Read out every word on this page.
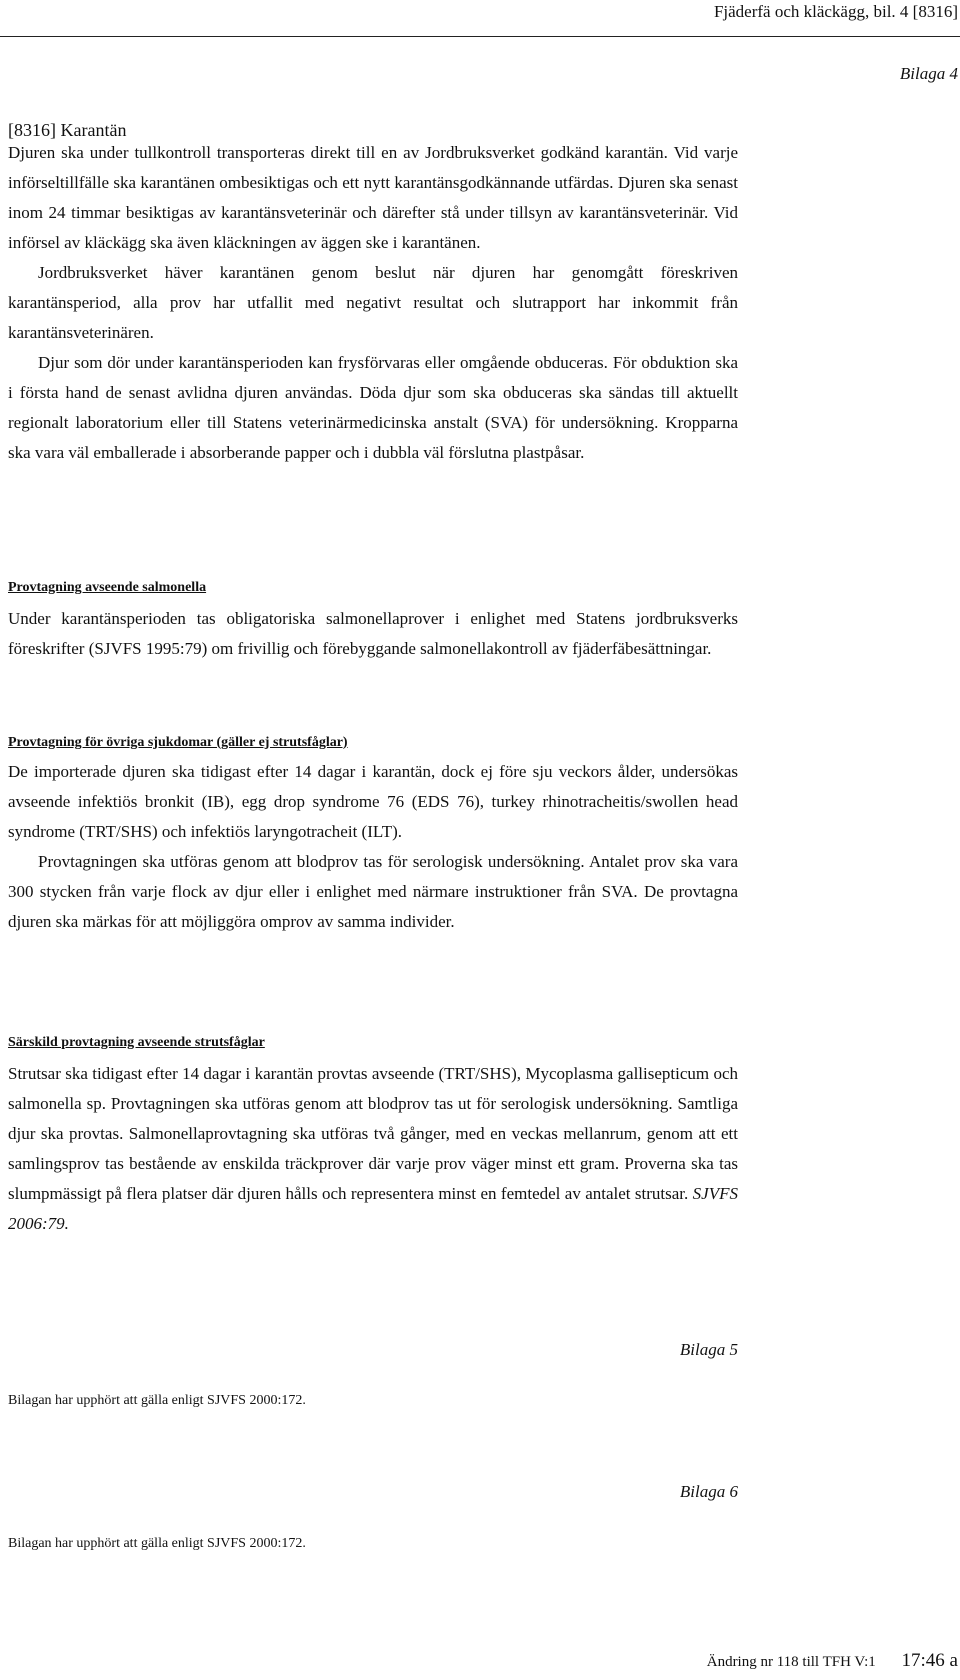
Fjäderfä och kläckägg, bil. 4 [8316]
Bilaga 4
[8316] Karantän

Djuren ska under tullkontroll transporteras direkt till en av Jordbruksverket godkänd karantän. Vid varje införseltillfälle ska karantänen ombesiktigas och ett nytt karantänsgodkännande utfärdas. Djuren ska senast inom 24 timmar besiktigas av karantänsveterinär och därefter stå under tillsyn av karantänsveterinär. Vid införsel av kläckägg ska även kläckningen av äggen ske i karantänen.

Jordbruksverket häver karantänen genom beslut när djuren har genomgått föreskriven karantänsperiod, alla prov har utfallit med negativt resultat och slutrapport har inkommit från karantänsveterinären.

Djur som dör under karantänsperioden kan frysförvaras eller omgående obduceras. För obduktion ska i första hand de senast avlidna djuren användas. Döda djur som ska obduceras ska sändas till aktuellt regionalt laboratorium eller till Statens veterinärmedicinska anstalt (SVA) för undersökning. Kropparna ska vara väl emballerade i absorberande papper och i dubbla väl förslutna plastpåsar.

Provtagning avseende salmonella

Under karantänsperioden tas obligatoriska salmonellaprover i enlighet med Statens jordbruksverks föreskrifter (SJVFS 1995:79) om frivillig och förebyggande salmonellakontroll av fjäderfäbesättningar.

Provtagning för övriga sjukdomar (gäller ej strutsfåglar)

De importerade djuren ska tidigast efter 14 dagar i karantän, dock ej före sju veckors ålder, undersökas avseende infektiös bronkit (IB), egg drop syndrome 76 (EDS 76), turkey rhinotracheitis/swollen head syndrome (TRT/SHS) och infektiös laryngotracheit (ILT).

Provtagningen ska utföras genom att blodprov tas för serologisk undersökning. Antalet prov ska vara 300 stycken från varje flock av djur eller i enlighet med närmare instruktioner från SVA. De provtagna djuren ska märkas för att möjliggöra omprov av samma individer.

Särskild provtagning avseende strutsfåglar

Strutsar ska tidigast efter 14 dagar i karantän provtas avseende (TRT/SHS), Mycoplasma gallisepticum och salmonella sp. Provtagningen ska utföras genom att blodprov tas ut för serologisk undersökning. Samtliga djur ska provtas. Salmonellaprovtagning ska utföras två gånger, med en veckas mellanrum, genom att ett samlingsprov tas bestående av enskilda träckprover där varje prov väger minst ett gram. Proverna ska tas slumpmässigt på flera platser där djuren hålls och representera minst en femtedel av antalet strutsar. SJVFS 2006:79.

Bilaga 5
Bilagan har upphört att gälla enligt SJVFS 2000:172.
Bilaga 6
Bilagan har upphört att gälla enligt SJVFS 2000:172.
Ändring nr 118 till TFH V:1 17:46 a
